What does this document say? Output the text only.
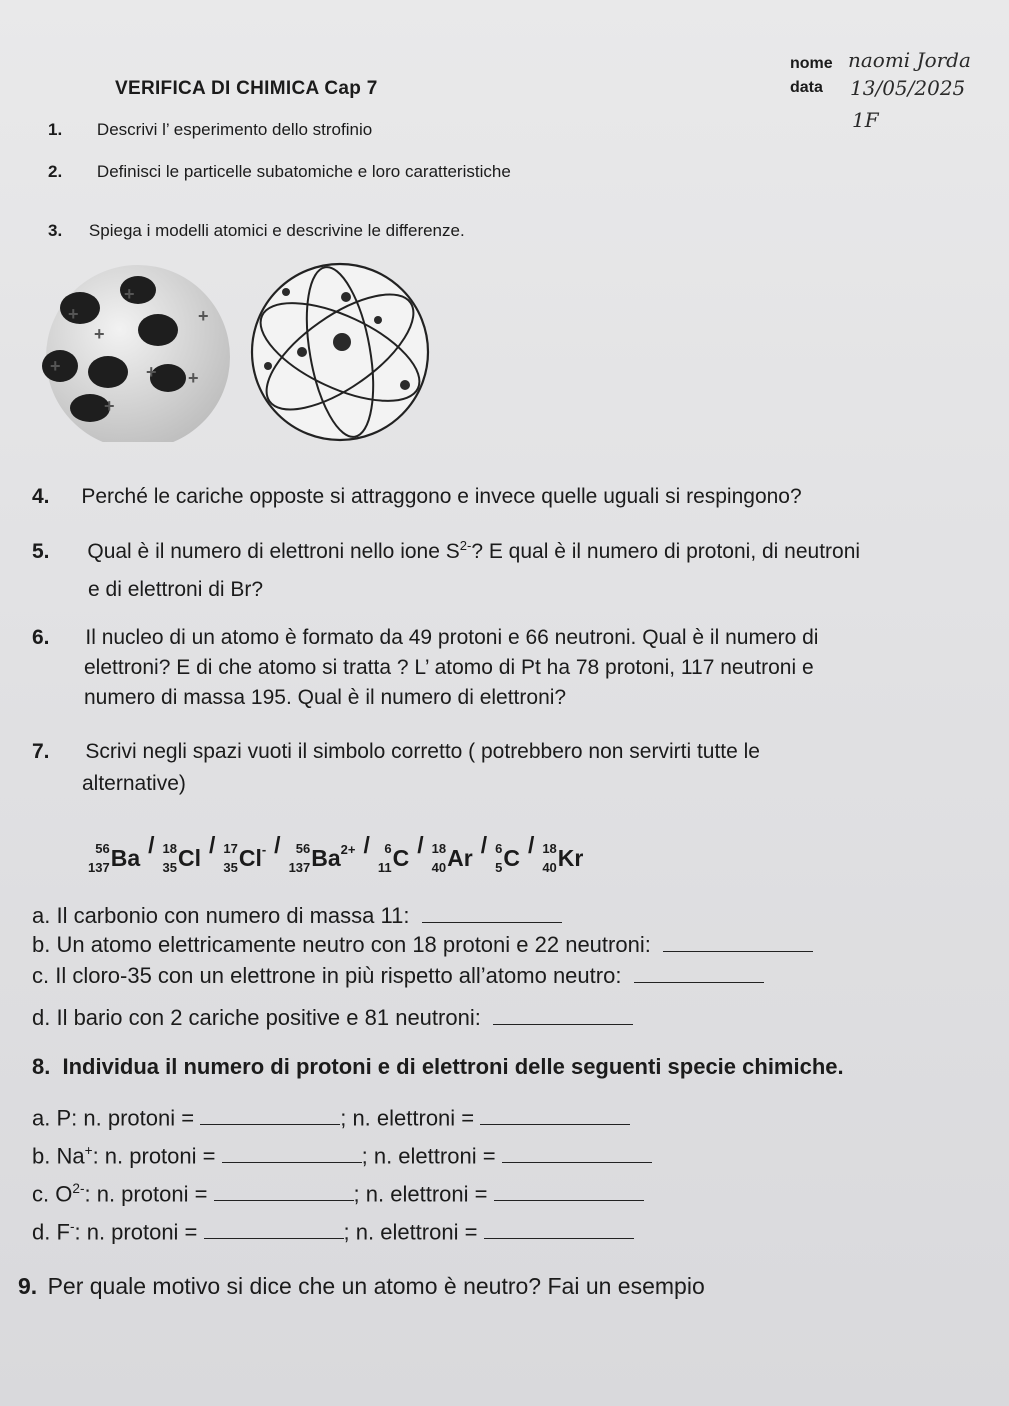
VERIFICA DI CHIMICA Cap 7
nome naomi Jorda
data 13/05/2025
1F
1. Descrivi l’ esperimento dello strofinio
2. Definisci le particelle subatomiche e loro caratteristiche
3. Spiega i modelli atomici e descrivine le differenze.
+
+
+
+
+	+ +
+
4. Perché le cariche opposte si attraggono e invece quelle uguali si respingono?
5. Qual è il numero di elettroni nello ione $S^{2-}$? E qual è il numero di protoni, di neutroni
e di elettroni di Br?
6. Il nucleo di un atomo è formato da 49 protoni e 66 neutroni. Qual è il numero di
elettroni? E di che atomo si tratta ? L’ atomo di Pt ha 78 protoni, 117 neutroni e
numero di massa 195. Qual è il numero di elettroni?
7. Scrivi negli spazi vuoti il simbolo corretto ( potrebbero non servirti tutte le
alternative)
56
137 Ba / 18
35 Cl / 17
35 Cl- /	56
137 $Ba^{2+}$ /	6
11 C / 18
40 Ar / 6
5 C / 18
40 Kr
a. Il carbonio con numero di massa 11:
b. Un atomo elettricamente neutro con 18 protoni e 22 neutroni:
c. Il cloro-35 con un elettrone in più rispetto all’atomo neutro:
d. Il bario con 2 cariche positive e 81 neutroni:
8. Individua il numero di protoni e di elettroni delle seguenti specie chimiche.
a. P: n. protoni =	; n. elettroni =
b. Na+: n. protoni =	; n. elettroni =
c. $O^{2-}$: n. protoni =	; n. elettroni =
d. F-: n. protoni =	; n. elettroni =
9. Per quale motivo si dice che un atomo è neutro? Fai un esempio
